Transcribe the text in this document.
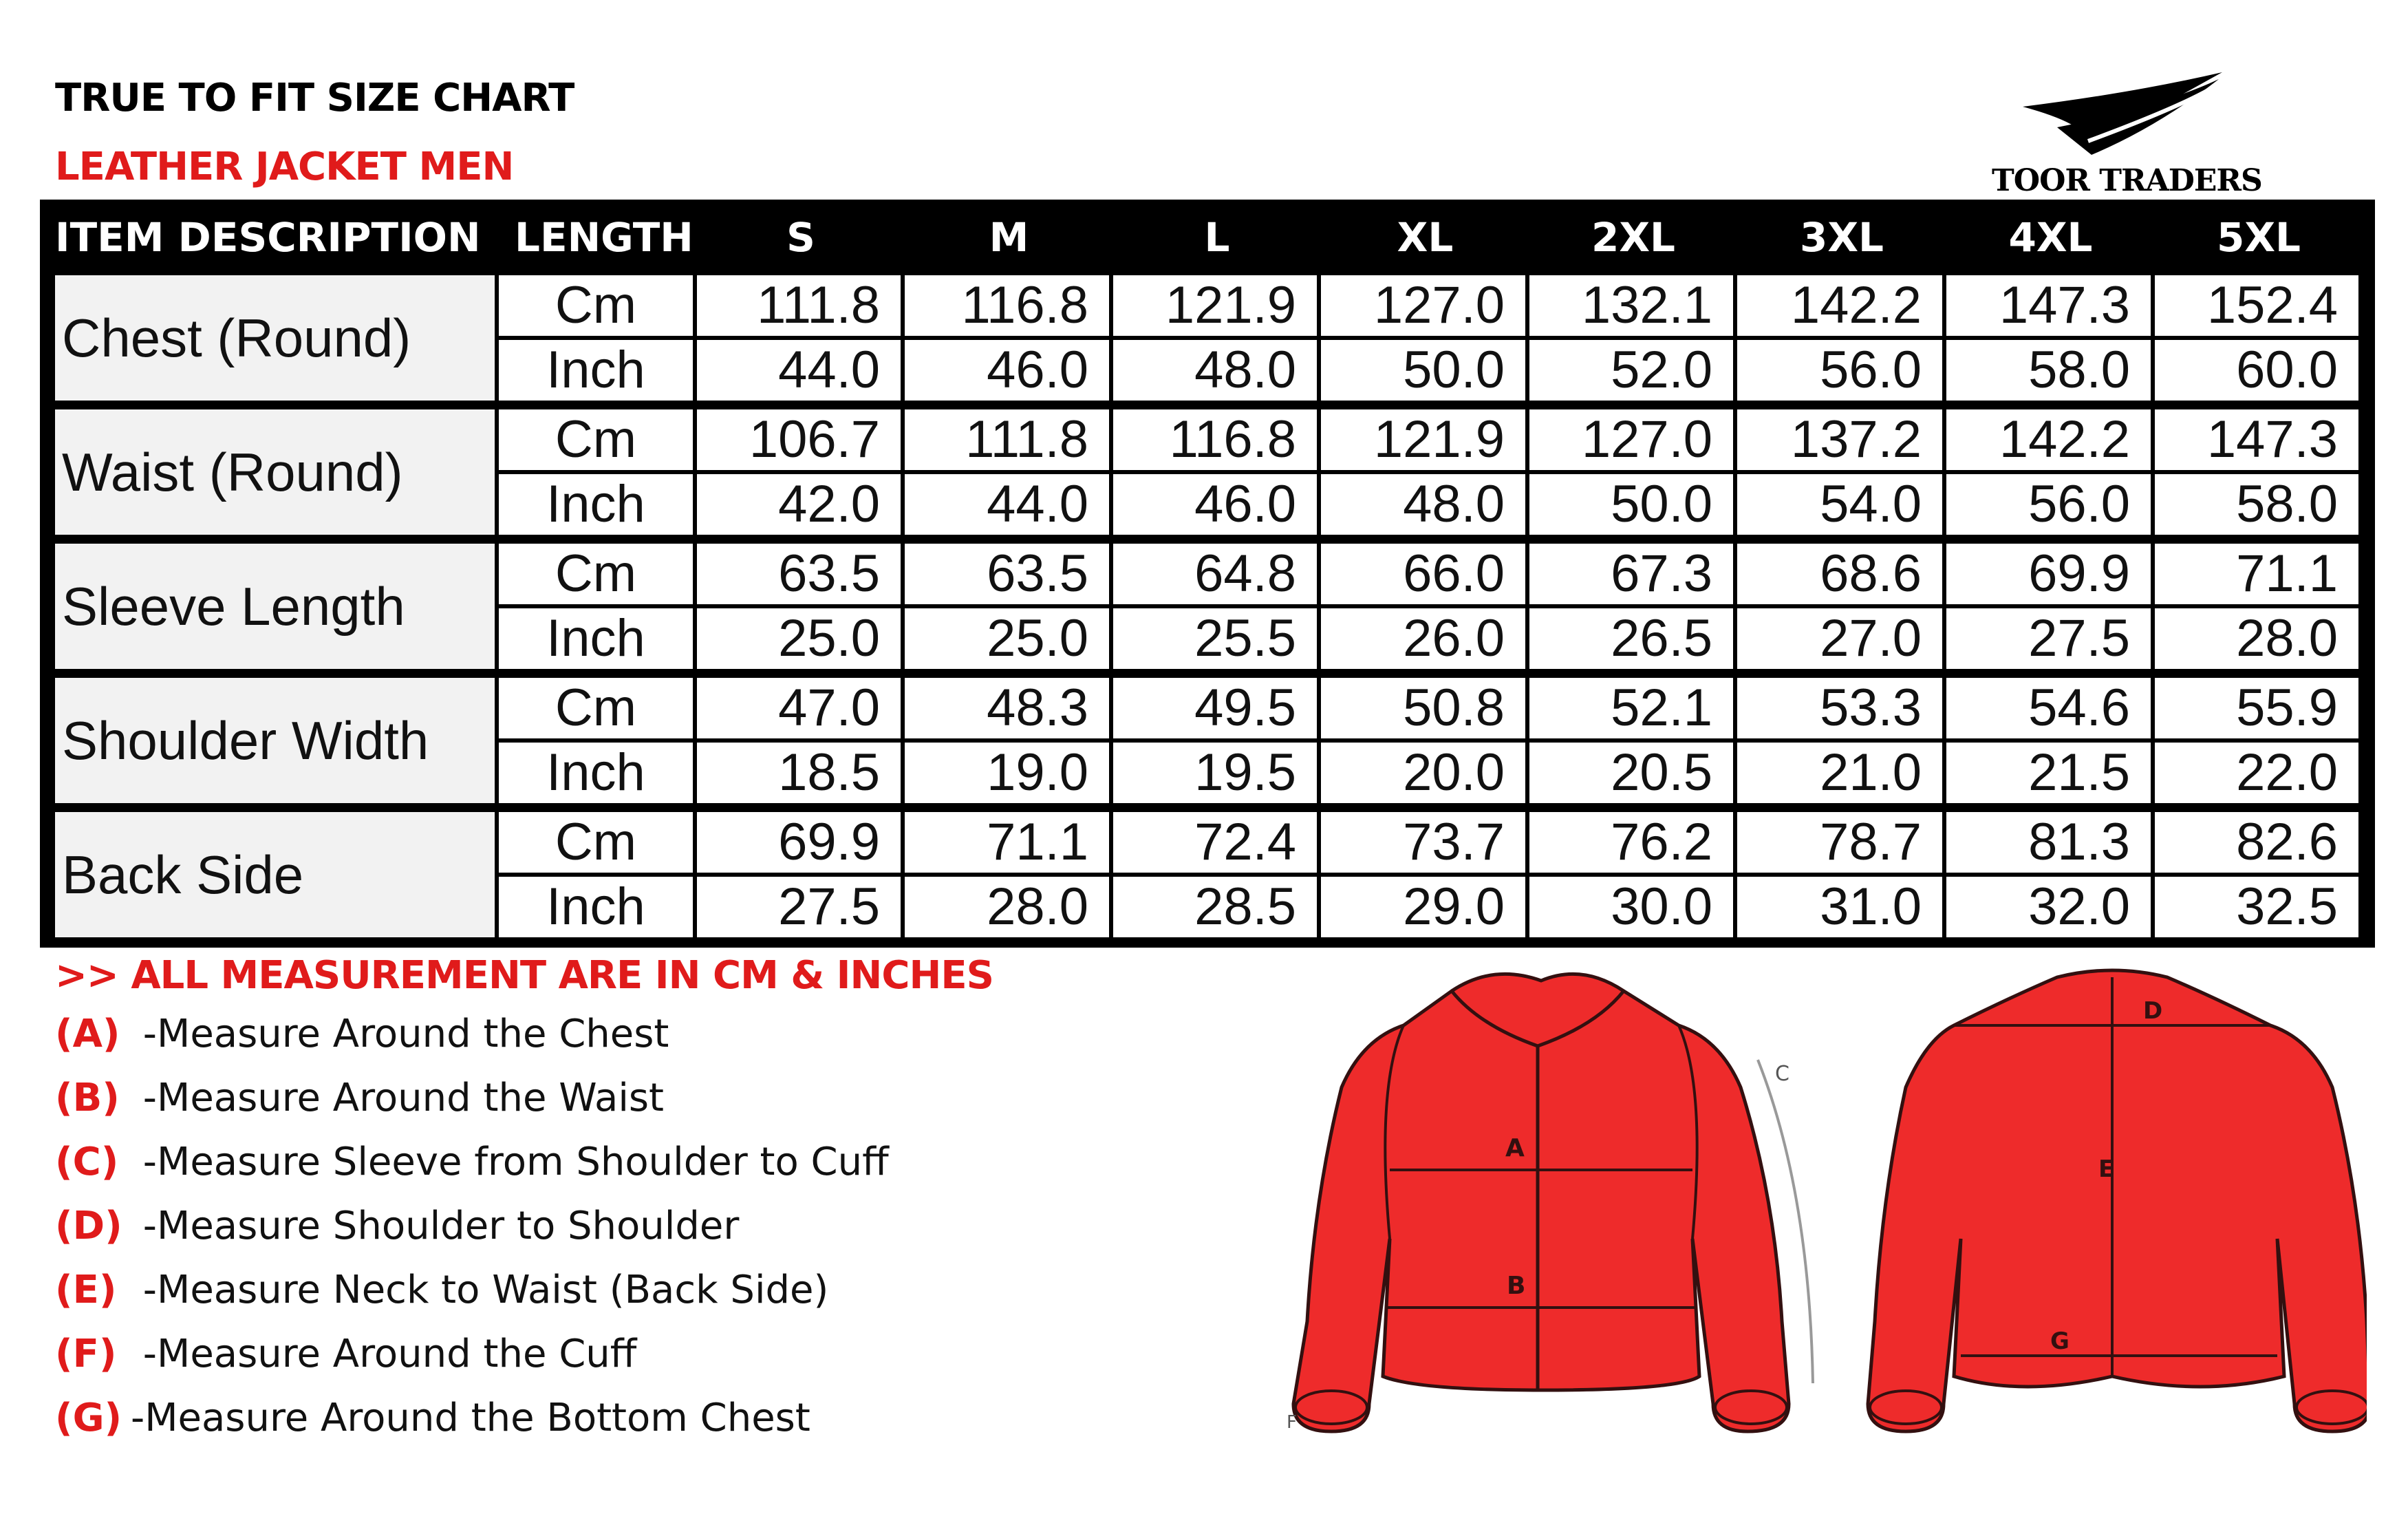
TRUE TO FIT SIZE CHART
LEATHER JACKET MEN	TOOR TRADERS
ITEM DESCRIPTION LENGTH	S	M	L	XL	2XL	3XL	4XL	5XL
Chest (Round)
Cm	111.8	116.8	121.9	127.0	132.1	142.2	147.3	152.4
Inch	44.0	46.0	48.0	50.0	52.0	56.0	58.0	60.0
Waist (Round)
Cm	106.7	111.8	116.8	121.9	127.0	137.2	142.2	147.3
Inch	42.0	44.0	46.0	48.0	50.0	54.0	56.0	58.0
Sleeve Length
Cm	63.5	63.5	64.8	66.0	67.3	68.6	69.9	71.1
Inch	25.0	25.0	25.5	26.0	26.5	27.0	27.5	28.0
Shoulder Width
Cm	47.0	48.3	49.5	50.8	52.1	53.3	54.6	55.9
Inch	18.5	19.0	19.5	20.0	20.5	21.0	21.5	22.0
Back Side
Cm	69.9	71.1	72.4	73.7	76.2	78.7	81.3	82.6
Inch	27.5	28.0	28.5	29.0	30.0	31.0	32.0	32.5
>> ALL MEASUREMENT ARE IN CM & INCHES
(A) -Measure Around the Chest
(B) -Measure Around the Waist
(C) -Measure Sleeve from Shoulder to Cuff
(D) -Measure Shoulder to Shoulder
(E) -Measure Neck to Waist (Back Side)
(F) -Measure Around the Cuff
(G) -Measure Around the Bottom Chest
A
B
C
F
D
E
G
